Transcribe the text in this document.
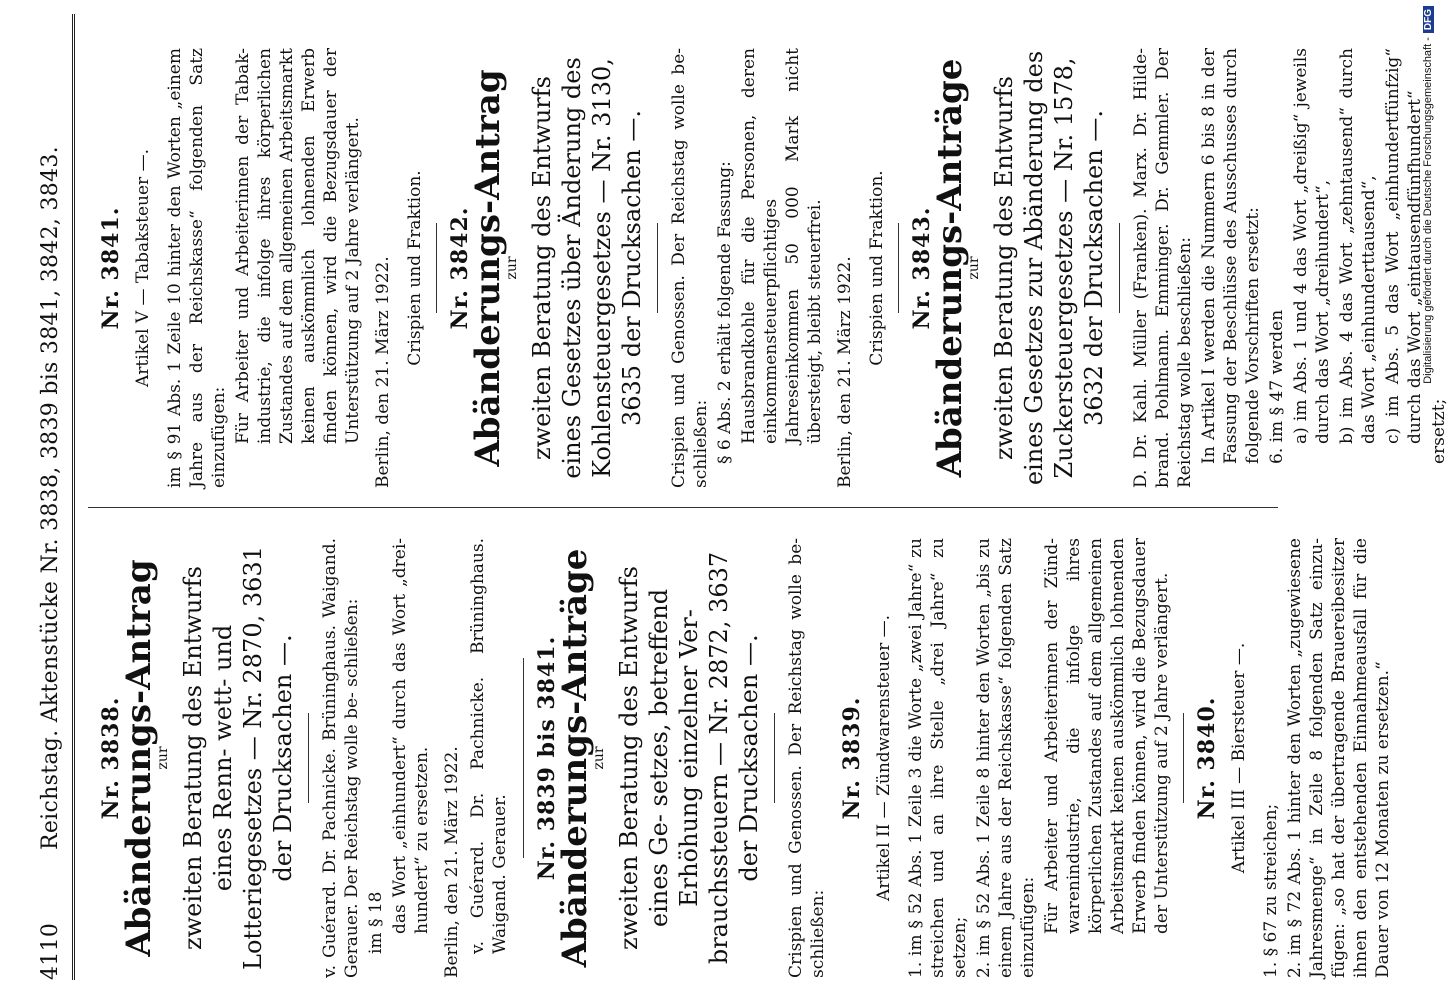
4110
Reichstag. Aktenstücke Nr. 3838, 3839 bis 3841, 3842, 3843. Nr. 3838.
Abänderungs-Antrag
zur zweiten Beratung des Entwurfs eines Renn- wett- und Lotteriegesetzes — Nr. 2870, 3631 der Drucksachen —. v. Guérard. Dr. Pachnicke. Brüninghaus. Waigand. Gerauer. Der Reichstag wolle be- schließen: im § 18 das Wort „einhundert“ durch das Wort „drei- hundert“ zu ersetzen. Berlin, den 21. März 1922. v. Guérard. Dr. Pachnicke. Brüninghaus. Waigand. Gerauer. Nr. 3839 bis 3841.
Abänderungs-Anträge
zur zweiten Beratung des Entwurfs eines Ge- setzes, betreffend Erhöhung einzelner Ver- brauchssteuern — Nr. 2872, 3637 der Drucksachen —. Crispien und Genossen. Der Reichstag wolle be- schließen:
Nr. 3839. Artikel II — Zündwarensteuer —. 1. im § 52 Abs. 1 Zeile 3 die Worte „zwei Jahre“ zu streichen und an ihre Stelle „drei Jahre“ zu setzen; 2. im § 52 Abs. 1 Zeile 8 hinter den Worten „bis zu einem Jahre aus der Reichskasse“ folgenden Satz einzufügen: Für Arbeiter und Arbeiterinnen der Zünd- warenindustrie, die infolge ihres körperlichen Zustandes auf dem allgemeinen Arbeitsmarkt keinen auskömmlich lohnenden Erwerb finden können, wird die Bezugsdauer der Unterstützung auf 2 Jahre verlängert. Nr. 3840. Artikel III — Biersteuer —.
1. § 67 zu streichen; 2. im § 72 Abs. 1 hinter den Worten „zugewiesene Jahresmenge“ in Zeile 8 folgenden Satz einzu- fügen: „so hat der übertragende Brauereibesitzer ihnen den entstehenden Einnahmeausfall für die Dauer von 12 Monaten zu ersetzen.“
Nr. 3841. Artikel V — Tabaksteuer —. im § 91 Abs. 1 Zeile 10 hinter den Worten „einem Jahre aus der Reichskasse“ folgenden Satz einzufügen: Für Arbeiter und Arbeiterinnen der Tabak- industrie, die infolge ihres körperlichen Zustandes auf dem allgemeinen Arbeitsmarkt keinen auskömmlich lohnenden Erwerb finden können, wird die Bezugsdauer der Unterstützung auf 2 Jahre verlängert. Berlin, den 21. März 1922. Crispien und Fraktion. Nr. 3842.
Abänderungs-Antrag
zur zweiten Beratung des Entwurfs eines Gesetzes über Änderung des Kohlensteuergesetzes — Nr. 3130, 3635 der Drucksachen —. Crispien und Genossen. Der Reichstag wolle be- schließen: § 6 Abs. 2 erhält folgende Fassung: Hausbrandkohle für die Personen, deren einkommensteuerpflichtiges Jahreseinkommen 50 000 Mark nicht übersteigt, bleibt steuerfrei. Berlin, den 21. März 1922. Crispien und Fraktion. Nr. 3843.
Abänderungs-Anträge
zur zweiten Beratung des Entwurfs eines Gesetzes zur Abänderung des Zuckersteuergesetzes — Nr. 1578, 3632 der Drucksachen —. D. Dr. Kahl. Müller (Franken). Marx. Dr. Hilde- brand. Pohlmann. Emminger. Dr. Gemmler. Der Reichstag wolle beschließen: In Artikel I werden die Nummern 6 bis 8 in der Fassung der Beschlüsse des Ausschusses durch folgende Vorschriften ersetzt: 6. im § 47 werden a) im Abs. 1 und 4 das Wort „dreißig“ jeweils durch das Wort „dreihundert“, b) im Abs. 4 das Wort „zehntausend“ durch das Wort „einhunderttausend“, c) im Abs. 5 das Wort „einhundertfünfzig“ durch das Wort „eintausendfünfhundert“ ersetzt;
Digitalisierung gefördert durch die Deutsche Forschungsgemeinschaft -DFG
